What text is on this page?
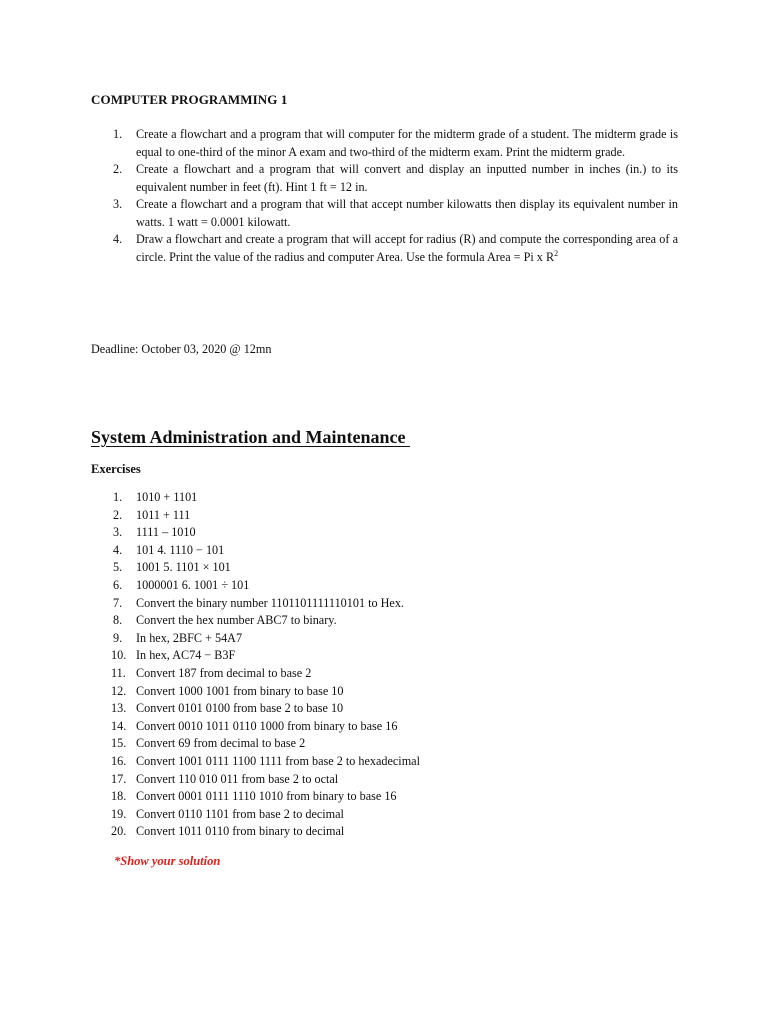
COMPUTER PROGRAMMING 1
1. Create a flowchart and a program that will computer for the midterm grade of a student. The midterm grade is equal to one-third of the minor A exam and two-third of the midterm exam. Print the midterm grade.
2. Create a flowchart and a program that will convert and display an inputted number in inches (in.) to its equivalent number in feet (ft). Hint 1 ft = 12 in.
3. Create a flowchart and a program that will that accept number kilowatts then display its equivalent number in watts. 1 watt = 0.0001 kilowatt.
4. Draw a flowchart and create a program that will accept for radius (R) and compute the corresponding area of a circle. Print the value of the radius and computer Area. Use the formula Area = Pi x $R^2$
Deadline: October 03, 2020 @ 12mn
System Administration and Maintenance
Exercises
1. 1010 + 1101
2. 1011 + 111
3. 1111 – 1010
4. 101 4. 1110 − 101
5. 1001 5. 1101 × 101
6. 1000001 6. 1001 ÷ 101
7. Convert the binary number 1101101111110101 to Hex.
8. Convert the hex number ABC7 to binary.
9. In hex, 2BFC + 54A7
10. In hex, AC74 − B3F
11. Convert 187 from decimal to base 2
12. Convert 1000 1001 from binary to base 10
13. Convert 0101 0100 from base 2 to base 10
14. Convert 0010 1011 0110 1000 from binary to base 16
15. Convert 69 from decimal to base 2
16. Convert 1001 0111 1100 1111 from base 2 to hexadecimal
17. Convert 110 010 011 from base 2 to octal
18. Convert 0001 0111 1110 1010 from binary to base 16
19. Convert 0110 1101 from base 2 to decimal
20. Convert 1011 0110 from binary to decimal
*Show your solution
